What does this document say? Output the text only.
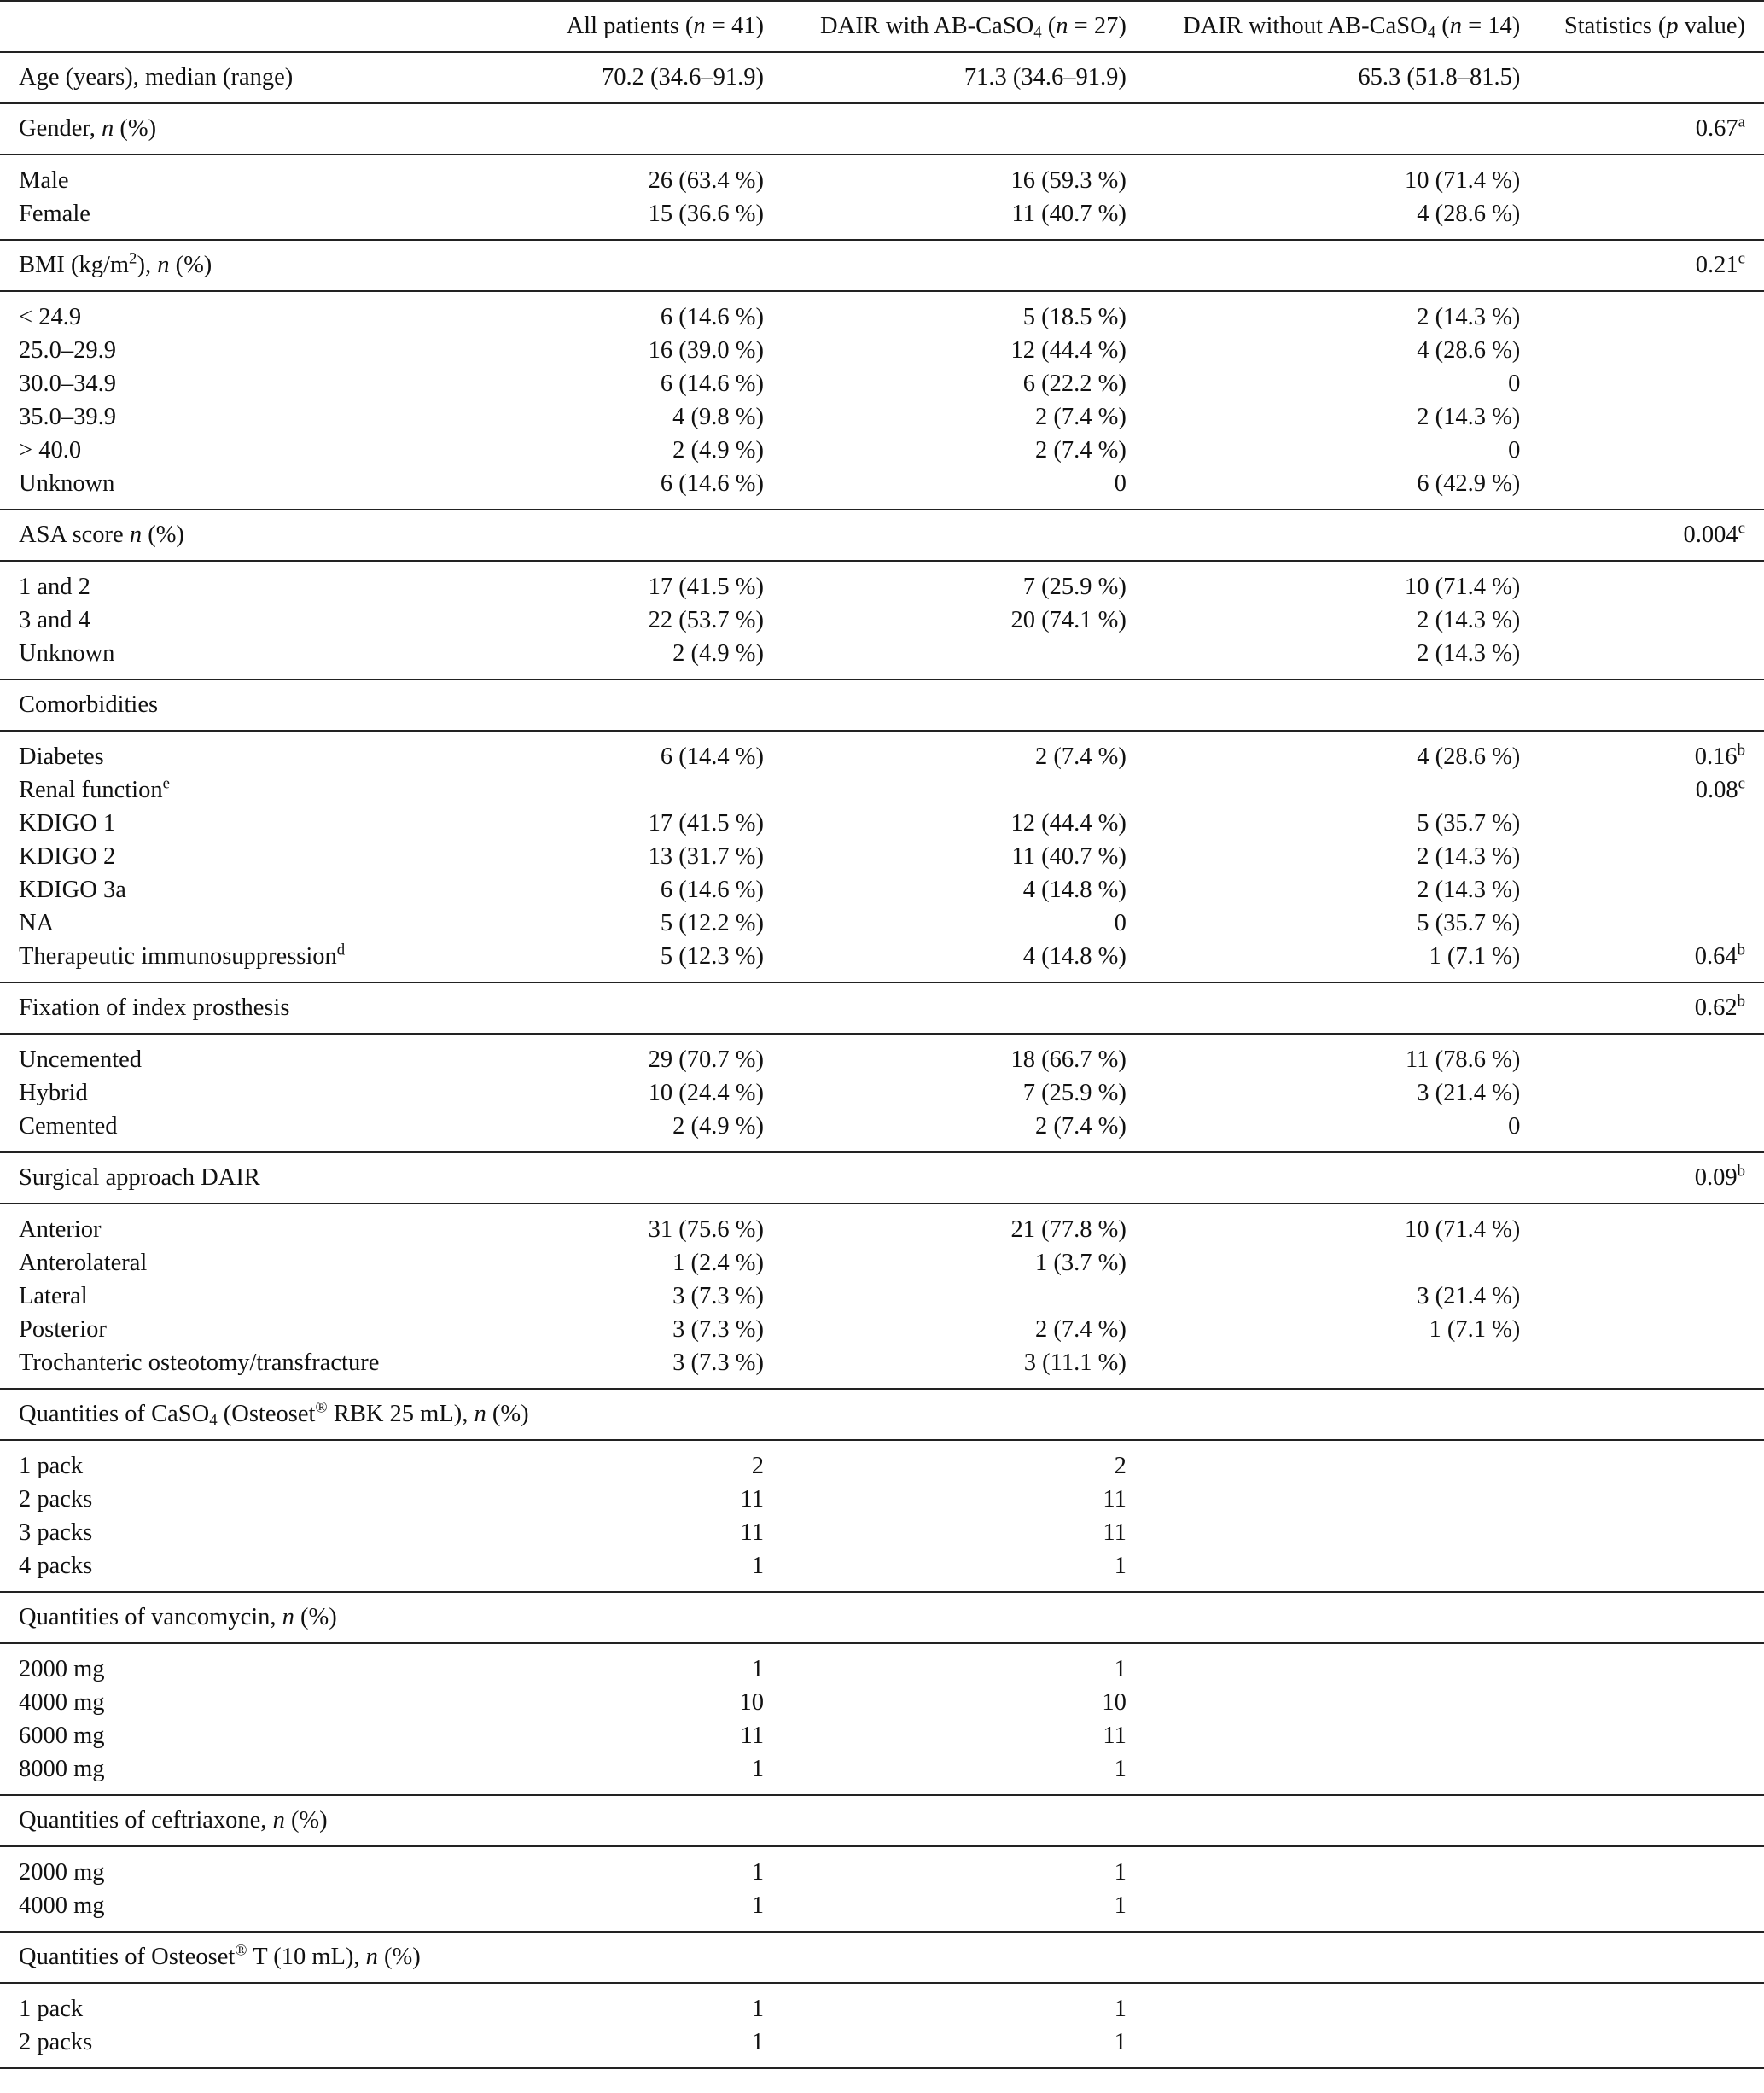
	All patients (n = 41)	DAIR with AB-CaSO$_4$ (n = 27)	DAIR without AB-CaSO$_4$ (n = 14)	Statistics (p value)
Age (years), median (range)	70.2 (34.6–91.9)	71.3 (34.6–91.9)	65.3 (51.8–81.5)	
Gender, n (%)				0.67$^a$

Male	26 (63.4 %)	16 (59.3 %)	10 (71.4 %)	
Female	15 (36.6 %)	11 (40.7 %)	4 (28.6 %)	

BMI $(kg/m^2)$, n (%)				0.21$^c$

< 24.9	6 (14.6 %)	5 (18.5 %)	2 (14.3 %)	
25.0–29.9	16 (39.0 %)	12 (44.4 %)	4 (28.6 %)	
30.0–34.9	6 (14.6 %)	6 (22.2 %)	0	
35.0–39.9	4 (9.8 %)	2 (7.4 %)	2 (14.3 %)	
> 40.0	2 (4.9 %)	2 (7.4 %)	0	
Unknown	6 (14.6 %)	0	6 (42.9 %)	

ASA score n (%)				0.004$^c$

1 and 2	17 (41.5 %)	7 (25.9 %)	10 (71.4 %)	
3 and 4	22 (53.7 %)	20 (74.1 %)	2 (14.3 %)	
Unknown	2 (4.9 %)		2 (14.3 %)	

Comorbidities				

Diabetes	6 (14.4 %)	2 (7.4 %)	4 (28.6 %)	0.16$^b$
Renal function$^e$				0.08$^c$
KDIGO 1	17 (41.5 %)	12 (44.4 %)	5 (35.7 %)	
KDIGO 2	13 (31.7 %)	11 (40.7 %)	2 (14.3 %)	
KDIGO 3a	6 (14.6 %)	4 (14.8 %)	2 (14.3 %)	
NA	5 (12.2 %)	0	5 (35.7 %)	
Therapeutic immunosuppression$^d$	5 (12.3 %)	4 (14.8 %)	1 (7.1 %)	0.64$^b$

Fixation of index prosthesis				0.62$^b$

Uncemented	29 (70.7 %)	18 (66.7 %)	11 (78.6 %)	
Hybrid	10 (24.4 %)	7 (25.9 %)	3 (21.4 %)	
Cemented	2 (4.9 %)	2 (7.4 %)	0	

Surgical approach DAIR				0.09$^b$

Anterior	31 (75.6 %)	21 (77.8 %)	10 (71.4 %)	
Anterolateral	1 (2.4 %)	1 (3.7 %)		
Lateral	3 (7.3 %)		3 (21.4 %)	
Posterior	3 (7.3 %)	2 (7.4 %)	1 (7.1 %)	
Trochanteric osteotomy/transfracture	3 (7.3 %)	3 (11.1 %)		

Quantities of CaSO$_4$ (Osteoset® RBK 25 mL), n (%)				

1 pack	2	2		
2 packs	11	11		
3 packs	11	11		
4 packs	1	1		

Quantities of vancomycin, n (%)				

2000 mg	1	1		
4000 mg	10	10		
6000 mg	11	11		
8000 mg	1	1		

Quantities of ceftriaxone, n (%)				

2000 mg	1	1		
4000 mg	1	1		

Quantities of Osteoset® T (10 mL), n (%)				

1 pack	1	1		
2 packs	1	1		
